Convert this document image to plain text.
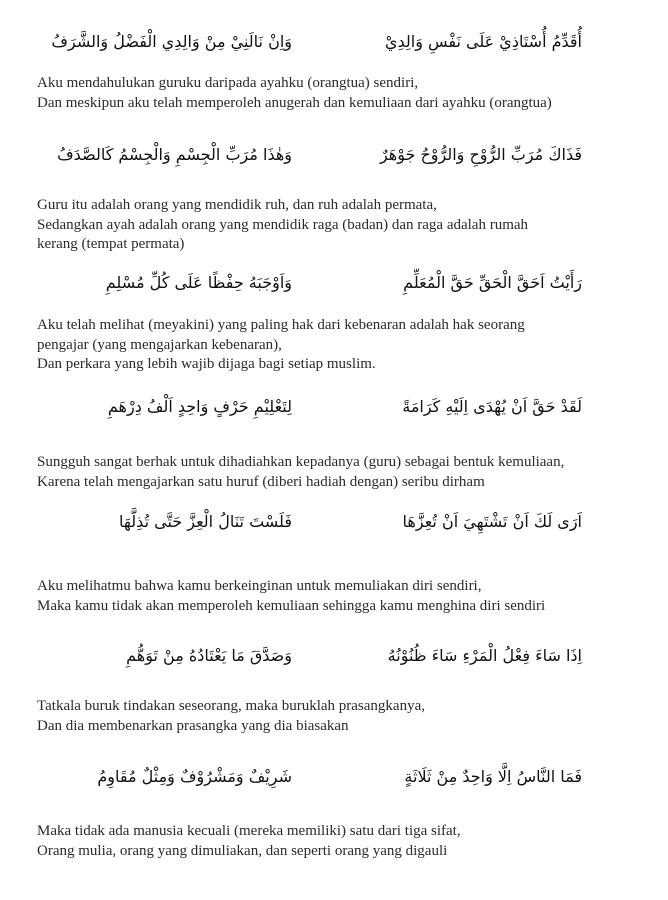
أُقَدِّمُ أُسْتَاذِيْ عَلَى نَفْسِ وَالِدِيْ
وَاِنْ نَالَنِيْ مِنْ وَالِدِي الْفَضْلُ وَالشَّرَفُ
Aku mendahulukan guruku daripada ayahku (orangtua) sendiri,
Dan meskipun aku telah memperoleh anugerah dan kemuliaan dari ayahku (orangtua)
فَذَاكَ مُرَبِّ الرُّوْحِ وَالرُّوْحُ جَوْهَرٌ
وَهٰذَا مُرَبِّ الْجِسْمِ وَالْجِسْمُ كَالصَّدَفُ
Guru itu adalah orang yang mendidik ruh, dan ruh adalah permata,
Sedangkan ayah adalah orang yang mendidik raga (badan) dan raga adalah rumah
kerang (tempat permata)
رَأَيْتُ اَحَقَّ الْحَقِّ حَقَّ الْمُعَلِّمِ
وَاَوْجَبَهُ حِفْظًا عَلَى كُلِّ مُسْلِمِ
Aku telah melihat (meyakini) yang paling hak dari kebenaran adalah hak seorang
pengajar (yang mengajarkan kebenaran),
Dan perkara yang lebih wajib dijaga bagi setiap muslim.
لَقَدْ حَقَّ اَنْ يُهْدَى اِلَيْهِ كَرَامَةً
لِتَعْلِيْمِ حَرْفٍ وَاحِدٍ اَلْفُ دِرْهَمِ
Sungguh sangat berhak untuk dihadiahkan kepadanya (guru) sebagai bentuk kemuliaan,
Karena telah mengajarkan satu huruf (diberi hadiah dengan) seribu dirham
اَرَى لَكَ اَنْ تَشْتَهِيَ اَنْ تُعِزَّهَا
فَلَسْتَ تَنَالُ الْعِزَّ حَتَّى تُذِلَّهَا
Aku melihatmu bahwa kamu berkeinginan untuk memuliakan diri sendiri,
Maka kamu tidak akan memperoleh kemuliaan sehingga kamu menghina diri sendiri
اِذَا سَاءَ فِعْلُ الْمَرْءِ سَاءَ ظُنُوْنُهُ
وَصَدَّقَ مَا يَعْتَادُهُ مِنْ تَوَهُّمِ
Tatkala buruk tindakan seseorang, maka buruklah prasangkanya,
Dan dia membenarkan prasangka yang dia biasakan
فَمَا النَّاسُ اِلَّا وَاحِدٌ مِنْ ثَلَاثَةٍ
شَرِيْفٌ وَمَشْرُوْفٌ وَمِثْلٌ مُقَاوِمُ
Maka tidak ada manusia kecuali (mereka memiliki) satu dari tiga sifat,
Orang mulia, orang yang dimuliakan, dan seperti orang yang digauli
